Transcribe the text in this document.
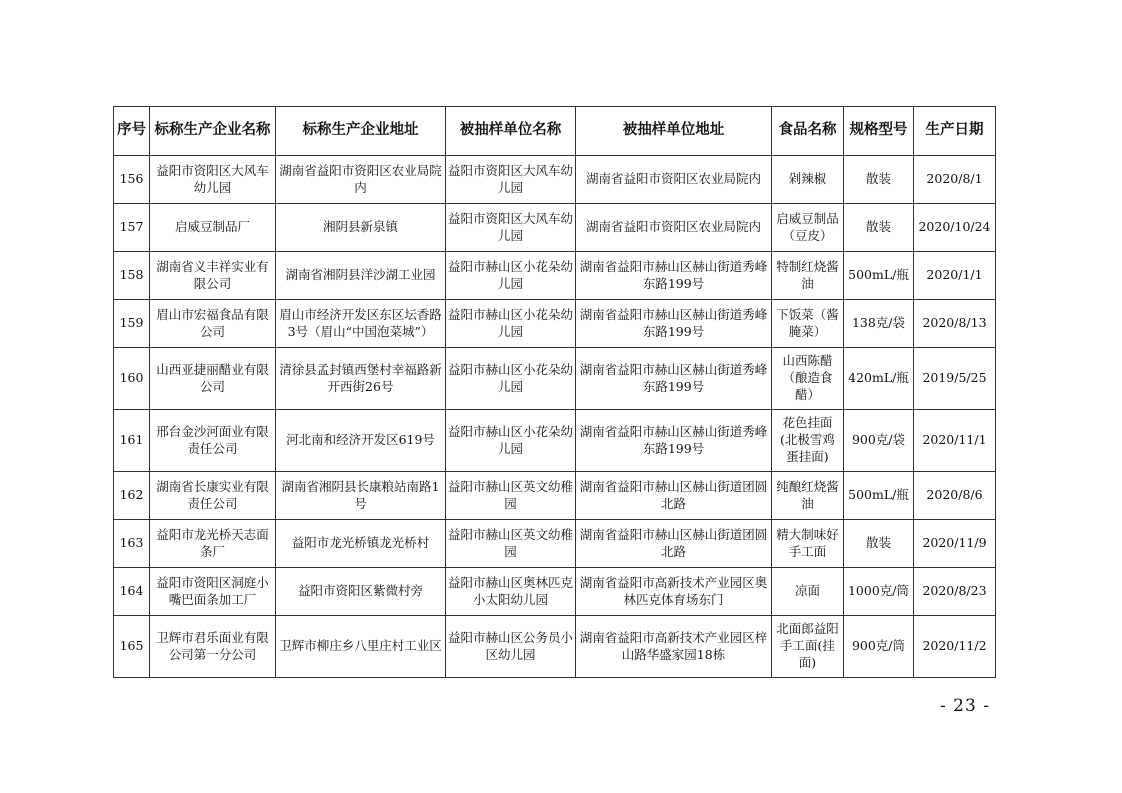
序号	标称生产企业名称	标称生产企业地址	被抽样单位名称	被抽样单位地址	食品名称	规格型号	生产日期
156	益阳市资阳区大风车幼儿园	湖南省益阳市资阳区农业局院内	益阳市资阳区大风车幼儿园	湖南省益阳市资阳区农业局院内	剁辣椒	散装	2020/8/1
157	启威豆制品厂	湘阴县新泉镇	益阳市资阳区大风车幼儿园	湖南省益阳市资阳区农业局院内	启威豆制品（豆皮）	散装	2020/10/24
158	湖南省义丰祥实业有限公司	湖南省湘阴县洋沙湖工业园	益阳市赫山区小花朵幼儿园	湖南省益阳市赫山区赫山街道秀峰东路199号	特制红烧酱油	500mL/瓶	2020/1/1
159	眉山市宏福食品有限公司	眉山市经济开发区东区坛香路3号（眉山“中国泡菜城”）	益阳市赫山区小花朵幼儿园	湖南省益阳市赫山区赫山街道秀峰东路199号	下饭菜（酱腌菜）	138克/袋	2020/8/13
160	山西亚捷丽醋业有限公司	清徐县孟封镇西堡村幸福路新开西街26号	益阳市赫山区小花朵幼儿园	湖南省益阳市赫山区赫山街道秀峰东路199号	山西陈醋（酿造食醋）	420mL/瓶	2019/5/25
161	邢台金沙河面业有限责任公司	河北南和经济开发区619号	益阳市赫山区小花朵幼儿园	湖南省益阳市赫山区赫山街道秀峰东路199号	花色挂面(北极雪鸡蛋挂面)	900克/袋	2020/11/1
162	湖南省长康实业有限责任公司	湖南省湘阴县长康粮站南路1号	益阳市赫山区英文幼稚园	湖南省益阳市赫山区赫山街道团圆北路	纯酿红烧酱油	500mL/瓶	2020/8/6
163	益阳市龙光桥天志面条厂	益阳市龙光桥镇龙光桥村	益阳市赫山区英文幼稚园	湖南省益阳市赫山区赫山街道团圆北路	精大制味好手工面	散装	2020/11/9
164	益阳市资阳区洞庭小嘴巴面条加工厂	益阳市资阳区紫微村旁	益阳市赫山区奥林匹克小太阳幼儿园	湖南省益阳市高新技术产业园区奥林匹克体育场东门	凉面	1000克/筒	2020/8/23
165	卫辉市君乐面业有限公司第一分公司	卫辉市柳庄乡八里庄村工业区	益阳市赫山区公务员小区幼儿园	湖南省益阳市高新技术产业园区梓山路华盛家园18栋	北面郎益阳手工面(挂面)	900克/筒	2020/11/2
- 23 -
